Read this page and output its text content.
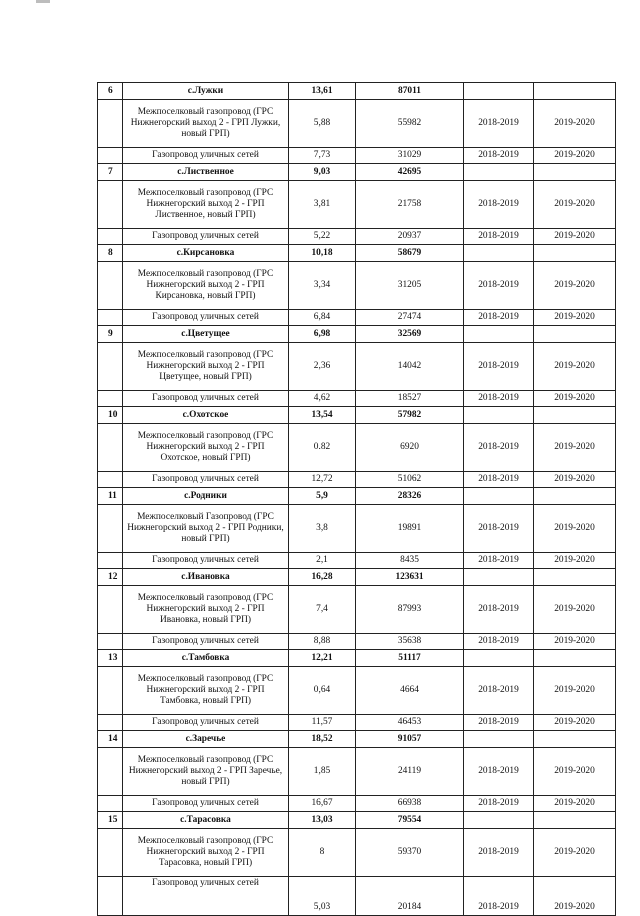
6	с.Лужки	13,61	87011		
	Межпоселковый газопровод (ГРС Нижнегорский выход 2 - ГРП Лужки, новый ГРП)	5,88	55982	2018-2019	2019-2020
	Газопровод уличных сетей	7,73	31029	2018-2019	2019-2020
7	с.Лиственное	9,03	42695		
	Межпоселковый газопровод (ГРС Нижнегорский выход 2 - ГРП Лиственное, новый ГРП)	3,81	21758	2018-2019	2019-2020
	Газопровод уличных сетей	5,22	20937	2018-2019	2019-2020
8	с.Кирсановка	10,18	58679		
	Межпоселковый газопровод (ГРС Нижнегорский выход 2 - ГРП Кирсановка, новый ГРП)	3,34	31205	2018-2019	2019-2020
	Газопровод уличных сетей	6,84	27474	2018-2019	2019-2020
9	с.Цветущее	6,98	32569		
	Межпоселковый газопровод (ГРС Нижнегорский выход 2 - ГРП Цветущее, новый ГРП)	2,36	14042	2018-2019	2019-2020
	Газопровод уличных сетей	4,62	18527	2018-2019	2019-2020
10	с.Охотское	13,54	57982		
	Межпоселковый газопровод (ГРС Нижнегорский выход 2 - ГРП Охотское, новый ГРП)	0.82	6920	2018-2019	2019-2020
	Газопровод уличных сетей	12,72	51062	2018-2019	2019-2020
11	с.Родники	5,9	28326		
	Межпоселковый Газопровод (ГРС Нижнегорский выход 2 - ГРП Родники, новый ГРП)	3,8	19891	2018-2019	2019-2020
	Газопровод уличных сетей	2,1	8435	2018-2019	2019-2020
12	с.Ивановка	16,28	123631		
	Межпоселковый газопровод (ГРС Нижнегорский выход 2 - ГРП Ивановка, новый ГРП)	7,4	87993	2018-2019	2019-2020
	Газопровод уличных сетей	8,88	35638	2018-2019	2019-2020
13	с.Тамбовка	12,21	51117		
	Межпоселковый газопровод (ГРС Нижнегорский выход 2 - ГРП Тамбовка, новый ГРП)	0,64	4664	2018-2019	2019-2020
	Газопровод уличных сетей	11,57	46453	2018-2019	2019-2020
14	с.Заречье	18,52	91057		
	Межпоселковый газопровод (ГРС Нижнегорский выход 2 - ГРП Заречье, новый ГРП)	1,85	24119	2018-2019	2019-2020
	Газопровод уличных сетей	16,67	66938	2018-2019	2019-2020
15	с.Тарасовка	13,03	79554		
	Межпоселковый газопровод (ГРС Нижнегорский выход 2 - ГРП Тарасовка, новый ГРП)	8	59370	2018-2019	2019-2020
	Газопровод уличных сетей	5,03	20184	2018-2019	2019-2020
